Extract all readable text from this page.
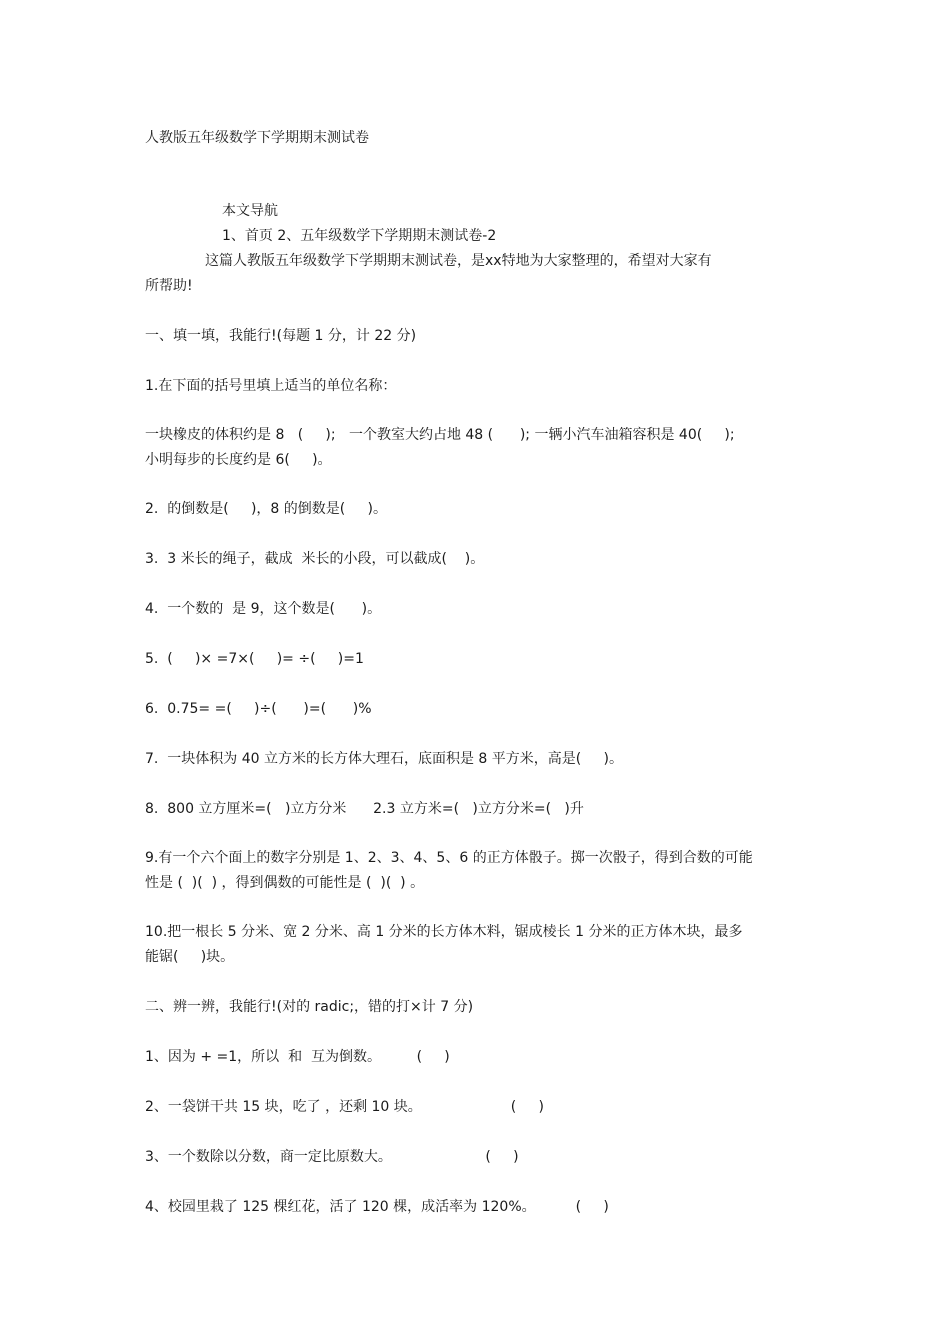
人教版五年级数学下学期期末测试卷

本文导航

1、首页 2、五年级数学下学期期末测试卷-2

这篇人教版五年级数学下学期期末测试卷，是xx特地为大家整理的，希望对大家有

所帮助!

一、填一填，我能行!(每题 1 分，计 22 分)

1.在下面的括号里填上适当的单位名称：

一块橡皮的体积约是 8   (     );   一个教室大约占地 48 (      ); 一辆小汽车油箱容积是 40(     );

小明每步的长度约是 6(     )。

2.  的倒数是(     )，8 的倒数是(     )。

3.  3 米长的绳子，截成  米长的小段，可以截成(    )。

4.  一个数的  是 9，这个数是(      )。

5.  (     )× =7×(     )= ÷(     )=1

6.  0.75= =(     )÷(      )=(      )%

7.  一块体积为 40 立方米的长方体大理石，底面积是 8 平方米，高是(     )。

8.  800 立方厘米=(   )立方分米      2.3 立方米=(   )立方分米=(   )升

9.有一个六个面上的数字分别是 1、2、3、4、5、6 的正方体骰子。掷一次骰子，得到合数的可能

性是 (  )(  ) ，得到偶数的可能性是 (  )(  ) 。

10.把一根长 5 分米、宽 2 分米、高 1 分米的长方体木料，锯成棱长 1 分米的正方体木块，最多

能锯(     )块。

二、辨一辨，我能行!(对的 radic;，错的打×计 7 分)

1、因为 + =1，所以  和  互为倒数。        (     )

2、一袋饼干共 15 块，吃了 ，还剩 10 块。                    (     )

3、一个数除以分数，商一定比原数大。                     (     )

4、校园里栽了 125 棵红花，活了 120 棵，成活率为 120%。         (     )
